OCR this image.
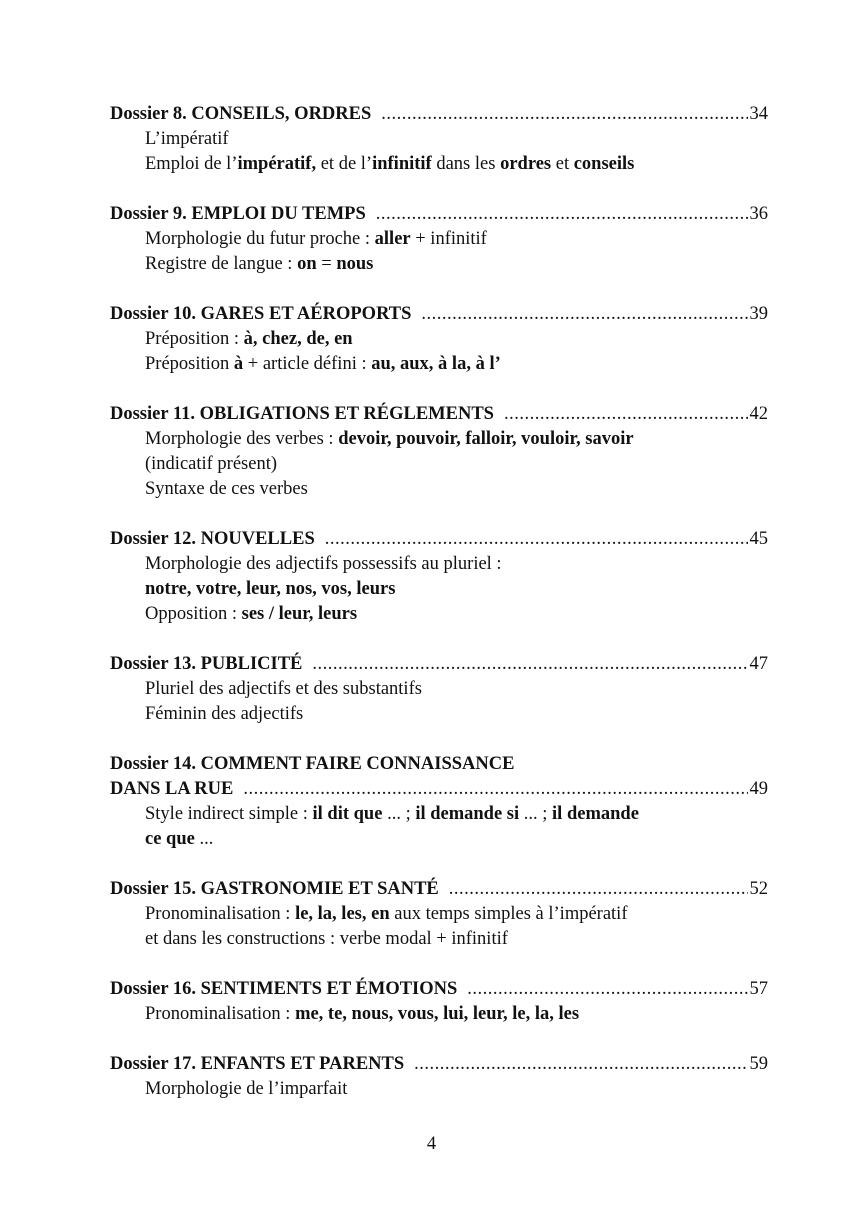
Dossier 8. CONSEILS, ORDRES .....	34
L’impératif
Emploi de l’impératif, et de l’infinitif dans les ordres et conseils
Dossier 9. EMPLOI DU TEMPS .....	36
Morphologie du futur proche : aller + infinitif
Registre de langue : on = nous
Dossier 10. GARES ET AÉROPORTS .....	39
Préposition : à, chez, de, en
Préposition à + article défini : au, aux, à la, à l’
Dossier 11. OBLIGATIONS ET RÉGLEMENTS .....	42
Morphologie des verbes : devoir, pouvoir, falloir, vouloir, savoir
(indicatif présent)
Syntaxe de ces verbes
Dossier 12. NOUVELLES .....	45
Morphologie des adjectifs possessifs au pluriel :
notre, votre, leur, nos, vos, leurs
Opposition : ses / leur, leurs
Dossier 13. PUBLICITÉ .....	47
Pluriel des adjectifs et des substantifs
Féminin des adjectifs
Dossier 14. COMMENT FAIRE CONNAISSANCE
DANS LA RUE .....	49
Style indirect simple : il dit que ... ; il demande si ... ; il demande
ce que ...
Dossier 15. GASTRONOMIE ET SANTÉ .....	52
Pronominalisation : le, la, les, en aux temps simples à l’impératif
et dans les constructions : verbe modal + infinitif
Dossier 16. SENTIMENTS ET ÉMOTIONS .....	57
Pronominalisation : me, te, nous, vous, lui, leur, le, la, les
Dossier 17. ENFANTS ET PARENTS .....	59
Morphologie de l’imparfait
4
